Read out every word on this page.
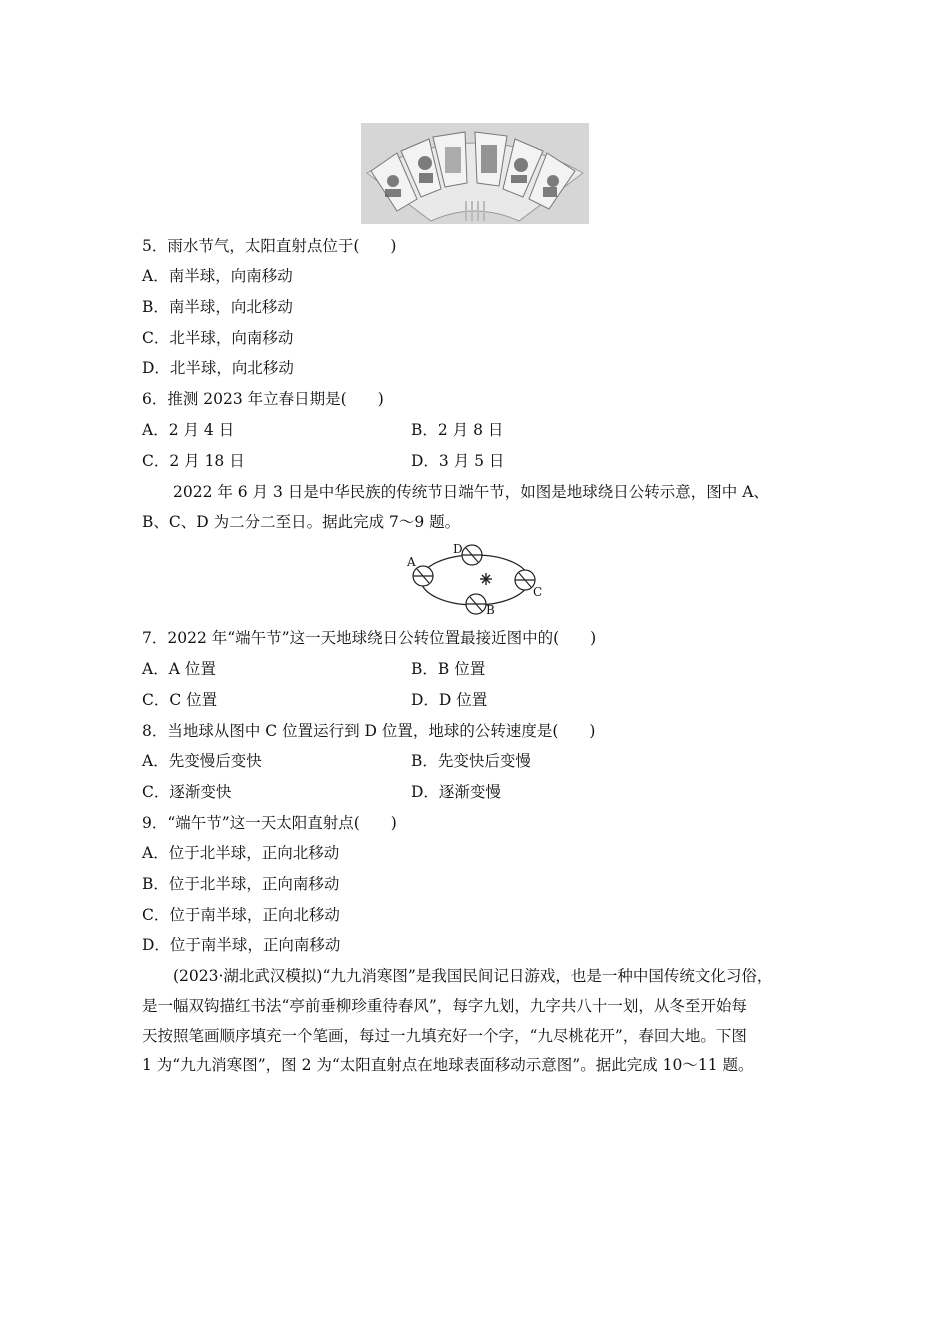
5．雨水节气，太阳直射点位于(　　)
A．南半球，向南移动
B．南半球，向北移动
C．北半球，向南移动
D．北半球，向北移动
6．推测 2023 年立春日期是(　　)
A．2 月 4 日	B．2 月 8 日
C．2 月 18 日	D．3 月 5 日
2022 年 6 月 3 日是中华民族的传统节日端午节，如图是地球绕日公转示意，图中 A、
B、C、D 为二分二至日。据此完成 7～9 题。
A
D
C
B
7．2022 年“端午节”这一天地球绕日公转位置最接近图中的(　　)
A．A 位置	B．B 位置
C．C 位置	D．D 位置
8．当地球从图中 C 位置运行到 D 位置，地球的公转速度是(　　)
A．先变慢后变快	B．先变快后变慢
C．逐渐变快	D．逐渐变慢
9．“端午节”这一天太阳直射点(　　)
A．位于北半球，正向北移动
B．位于北半球，正向南移动
C．位于南半球，正向北移动
D．位于南半球，正向南移动
(2023·湖北武汉模拟)“九九消寒图”是我国民间记日游戏，也是一种中国传统文化习俗，
是一幅双钩描红书法“亭前垂柳珍重待春风”，每字九划，九字共八十一划，从冬至开始每
天按照笔画顺序填充一个笔画，每过一九填充好一个字，“九尽桃花开”，春回大地。下图
1 为“九九消寒图”，图 2 为“太阳直射点在地球表面移动示意图”。据此完成 10～11 题。
